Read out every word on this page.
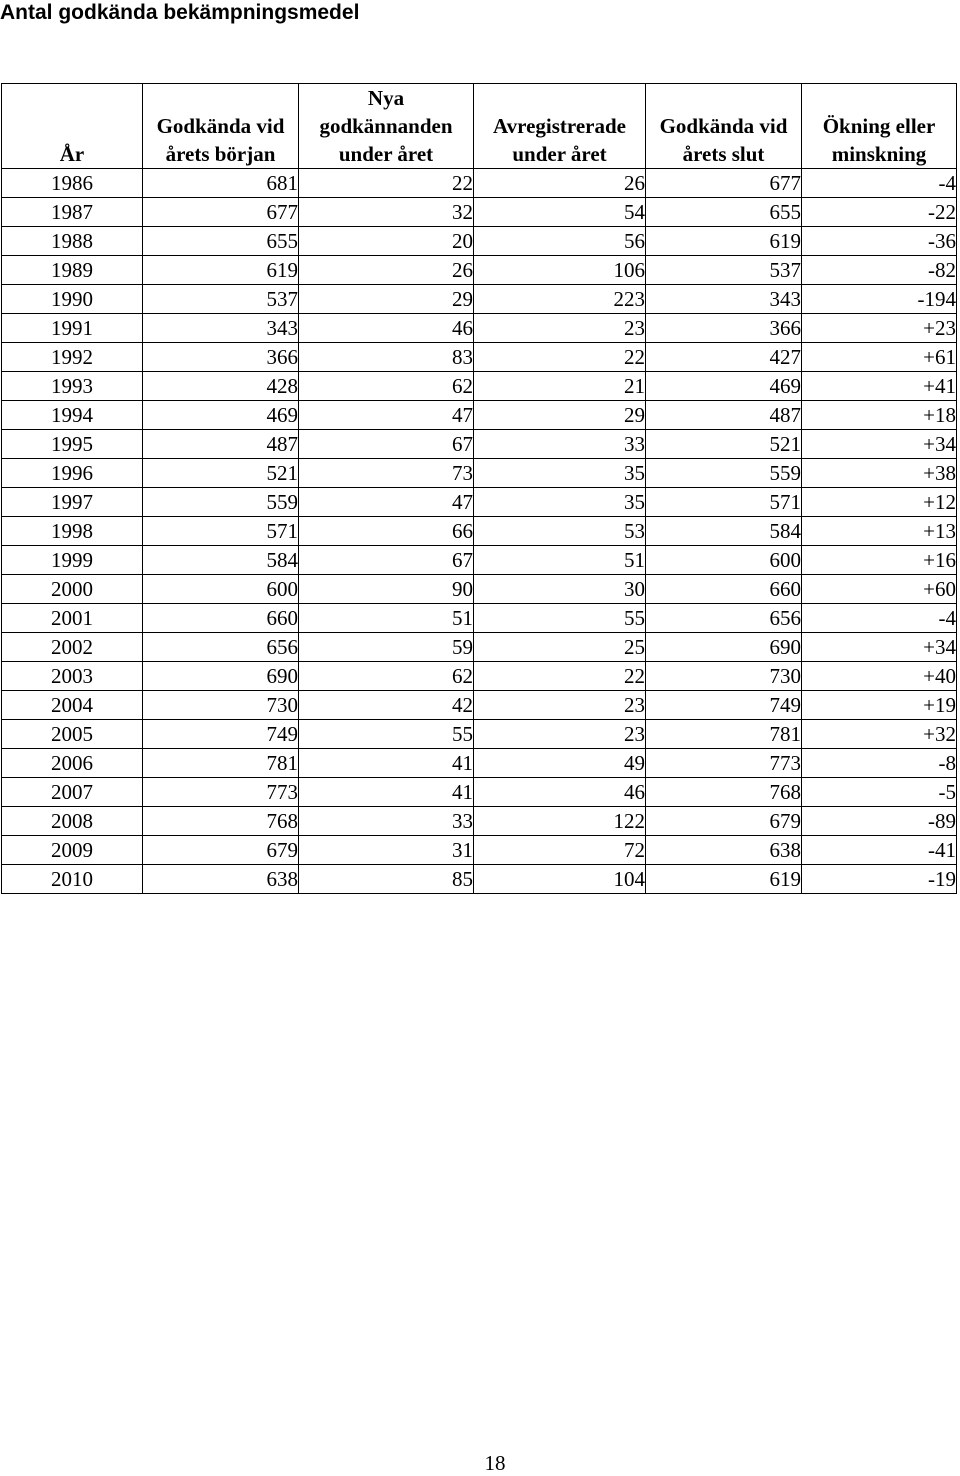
Antal godkända bekämpningsmedel
År	Godkända vid årets början	Nya godkännanden under året	Avregistrerade under året	Godkända vid årets slut	Ökning eller minskning
1986	681	22	26	677	-4
1987	677	32	54	655	-22
1988	655	20	56	619	-36
1989	619	26	106	537	-82
1990	537	29	223	343	-194
1991	343	46	23	366	+23
1992	366	83	22	427	+61
1993	428	62	21	469	+41
1994	469	47	29	487	+18
1995	487	67	33	521	+34
1996	521	73	35	559	+38
1997	559	47	35	571	+12
1998	571	66	53	584	+13
1999	584	67	51	600	+16
2000	600	90	30	660	+60
2001	660	51	55	656	-4
2002	656	59	25	690	+34
2003	690	62	22	730	+40
2004	730	42	23	749	+19
2005	749	55	23	781	+32
2006	781	41	49	773	-8
2007	773	41	46	768	-5
2008	768	33	122	679	-89
2009	679	31	72	638	-41
2010	638	85	104	619	-19
18
